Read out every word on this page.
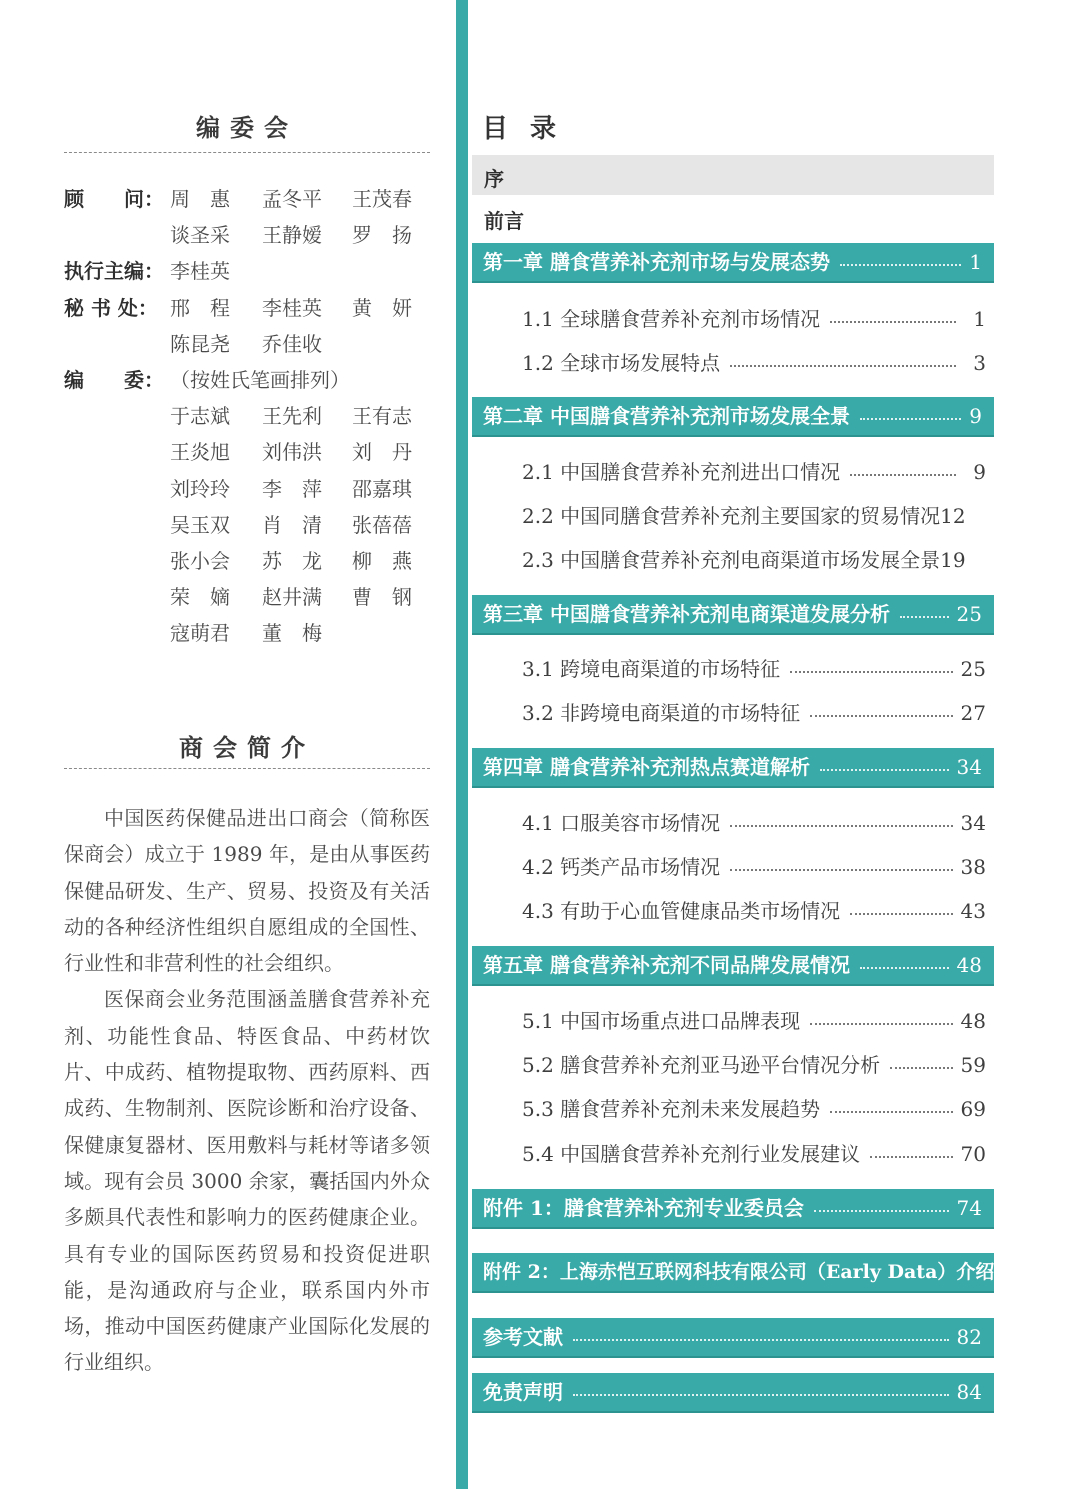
编委会
顾　　问： 周　惠	孟冬平	王茂春
谈圣采	王静嫒	罗　扬
执行主编： 李桂英
秘 书 处： 邢　程	李桂英	黄　妍
陈昆尧	乔佳收
编　　委： （按姓氏笔画排列）
于志斌	王先利	王有志
王炎旭	刘伟洪	刘　丹
刘玲玲	李　萍	邵嘉琪
吴玉双	肖　清	张蓓蓓
张小会	苏　龙	柳　燕
荣　嫡	赵井满	曹　钢
寇萌君	董　梅
商会简介

中国医药保健品进出口商会（简称医保商会）成立于 1989 年，是由从事医药保健品研发、生产、贸易、投资及有关活动的各种经济性组织自愿组成的全国性、行业性和非营利性的社会组织。

医保商会业务范围涵盖膳食营养补充剂、功能性食品、特医食品、中药材饮片、中成药、植物提取物、西药原料、西成药、生物制剂、医院诊断和治疗设备、保健康复器材、医用敷料与耗材等诸多领域。现有会员 3000 余家，囊括国内外众多颇具代表性和影响力的医药健康企业。具有专业的国际医药贸易和投资促进职能，是沟通政府与企业，联系国内外市场，推动中国医药健康产业国际化发展的行业组织。

目录
序
前言
第一章 膳食营养补充剂市场与发展态势	1
1.1 全球膳食营养补充剂市场情况	1
1.2 全球市场发展特点	3
第二章 中国膳食营养补充剂市场发展全景	9
2.1 中国膳食营养补充剂进出口情况	9
2.2 中国同膳食营养补充剂主要国家的贸易情况 12
2.3 中国膳食营养补充剂电商渠道市场发展全景 19
第三章 中国膳食营养补充剂电商渠道发展分析	25
3.1 跨境电商渠道的市场特征	25
3.2 非跨境电商渠道的市场特征	27
第四章 膳食营养补充剂热点赛道解析	34
4.1 口服美容市场情况	34
4.2 钙类产品市场情况	38
4.3 有助于心血管健康品类市场情况	43
第五章 膳食营养补充剂不同品牌发展情况	48
5.1 中国市场重点进口品牌表现	48
5.2 膳食营养补充剂亚马逊平台情况分析	59
5.3 膳食营养补充剂未来发展趋势	69
5.4 中国膳食营养补充剂行业发展建议	70
附件 1：膳食营养补充剂专业委员会	74
附件 2：上海赤恺互联网科技有限公司（Early Data）介绍 78
参考文献	82
免责声明	84
